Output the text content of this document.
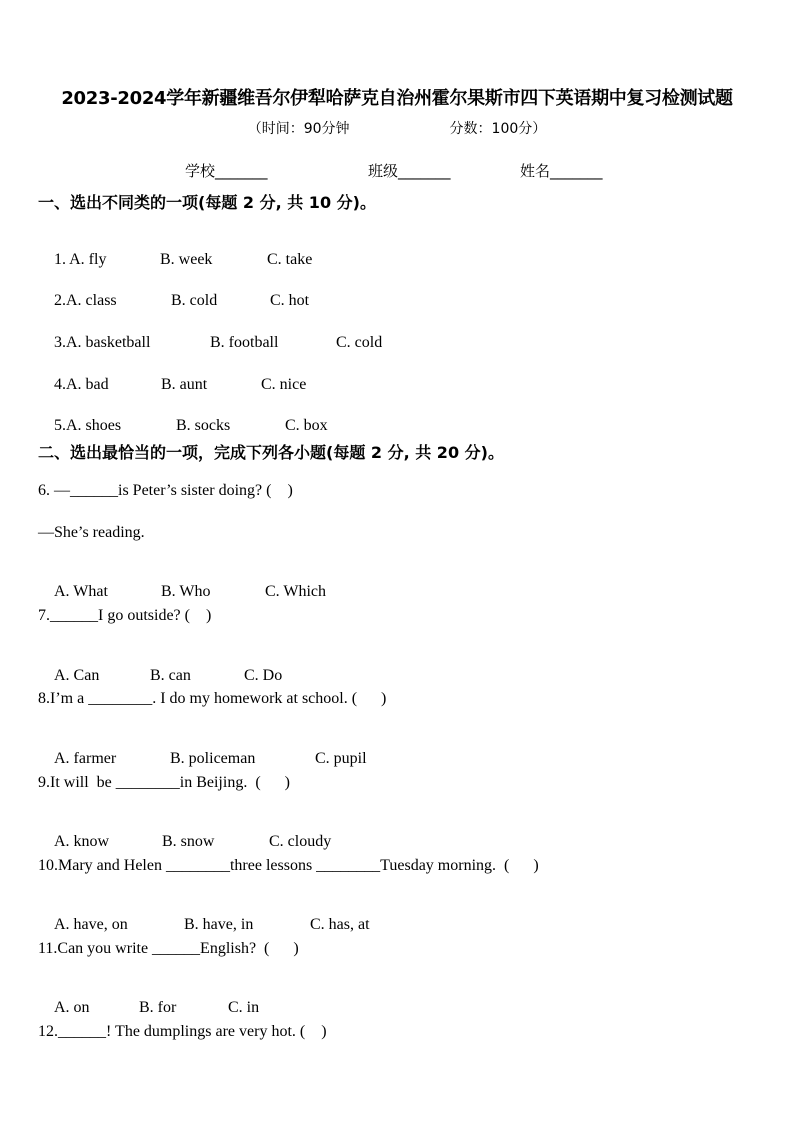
2023-2024学年新疆维吾尔伊犁哈萨克自治州霍尔果斯市四下英语期中复习检测试题
（时间：90分钟	分数：100分）
学校_______	班级_______	姓名_______
一、选出不同类的一项(每题 2 分, 共 10 分)。

1. A. fly	B. week	C. take

2.A. class	B. cold	C. hot

3.A. basketball	B. football	C. cold

4.A. bad	B. aunt	C. nice

5.A. shoes	B. socks	C. box

二、选出最恰当的一项，完成下列各小题(每题 2 分, 共 20 分)。
6. —______is Peter’s sister doing? (    )
—She’s reading.

A. What	B. Who	C. Which

7.______I go outside? (    )

A. Can	B. can	C. Do

8.I’m a ________. I do my homework at school. (      )

A. farmer	B. policeman	C. pupil

9.It will  be ________in Beijing.  (      )

A. know	B. snow	C. cloudy

10.Mary and Helen ________three lessons ________Tuesday morning.  (      )

A. have, on	B. have, in	C. has, at

11.Can you write ______English?  (      )

A. on	B. for	C. in

12.______! The dumplings are very hot. (    )
